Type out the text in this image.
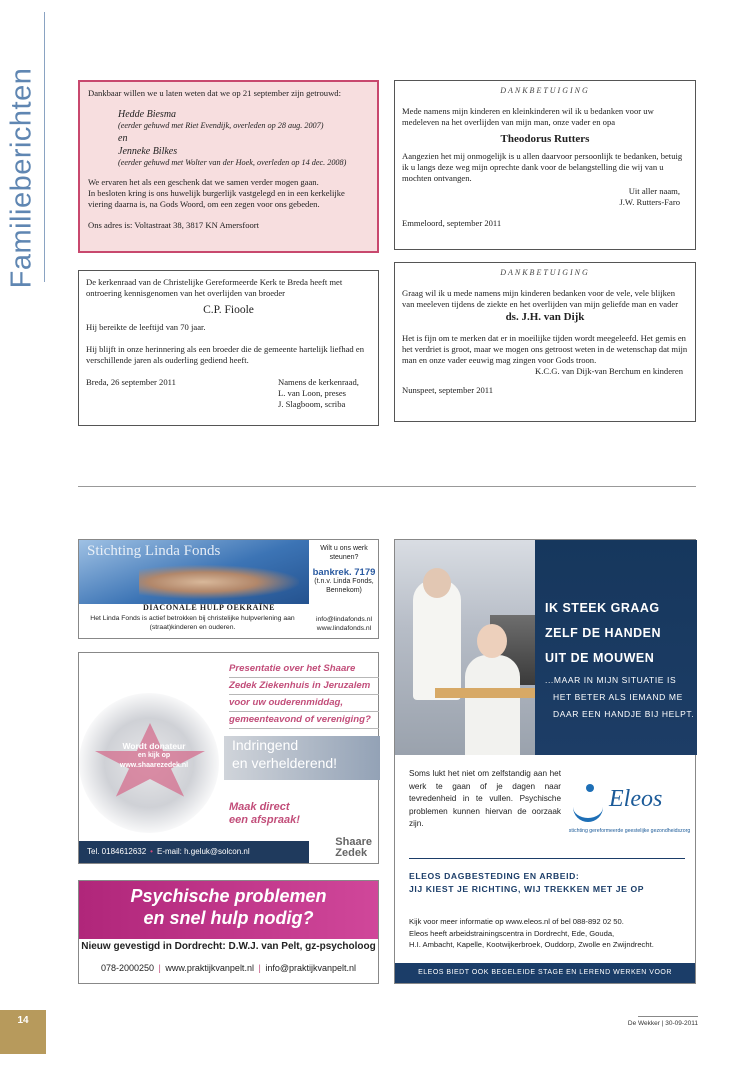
Familieberichten	Dankbaar willen we u laten weten dat we op 21 september zijn getrouwd:

Hedde Biesma
(eerder gehuwd met Riet Evendijk, overleden op 28 aug. 2007)

en

Jenneke Bilkes
(eerder gehuwd met Wolter van der Hoek, overleden op 14 dec. 2008)

We ervaren het als een geschenk dat we samen verder mogen gaan.
In besloten kring is ons huwelijk burgerlijk vastgelegd en in een kerkelijke viering daarna is, na Gods Woord, om een zegen voor ons gebeden.

Ons adres is: Voltastraat 38, 3817 KN Amersfoort

DANKBETUIGING

Mede namens mijn kinderen en kleinkinderen wil ik u bedanken voor uw medeleven na het overlijden van mijn man, onze vader en opa

Theodorus Rutters

Aangezien het mij onmogelijk is u allen daarvoor persoonlijk te bedanken, betuig ik u langs deze weg mijn oprechte dank voor de belangstelling die wij van u mochten ontvangen.

Uit aller naam,

J.W. Rutters-Faro

Emmeloord, september 2011

De kerkenraad van de Christelijke Gereformeerde Kerk te Breda heeft met ontroering kennisgenomen van het overlijden van broeder

C.P. Fioole

Hij bereikte de leeftijd van 70 jaar.

Hij blijft in onze herinnering als een broeder die de gemeente hartelijk liefhad en verschillende jaren als ouderling gediend heeft.

Breda, 26 september 2011	Namens de kerkenraad,
L. van Loon, preses
J. Slagboom, scriba

DANKBETUIGING

Graag wil ik u mede namens mijn kinderen bedanken voor de vele, vele blijken van meeleven tijdens de ziekte en het overlijden van mijn geliefde man en vader

ds. J.H. van Dijk

Het is fijn om te merken dat er in moeilijke tijden wordt meegeleefd. Het gemis en het verdriet is groot, maar we mogen ons getroost weten in de wetenschap dat mijn man en onze vader eeuwig mag zingen voor Gods troon.

K.C.G. van Dijk-van Berchum en kinderen

Nunspeet, september 2011

Stichting Linda Fonds
DIACONALE HULP OEKRAÏNE
Wilt u ons werk
steunen?
bankrek. 7179
(t.n.v. Linda Fonds,
Bennekom)
Het Linda Fonds is actief betrokken bij christelijke hulpverlening aan (straat)kinderen en ouderen.
info@lindafonds.nl
www.lindafonds.nl
Wordt donateur
en kijk op
www.shaarezedek.nl
Presentatie over het Shaare
Zedek Ziekenhuis in Jeruzalem
voor uw ouderenmiddag,
gemeenteavond of vereniging?
Indringend
en verhelderend!
Maak direct
een afspraak!
Tel. 0184612632 • E-mail: h.geluk@solcon.nl
Shaare
Zedek
Psychische problemen
en snel hulp nodig?
Nieuw gevestigd in Dordrecht: D.W.J. van Pelt, gz-psycholoog
078-2000250 | www.praktijkvanpelt.nl | info@praktijkvanpelt.nl
IK STEEK GRAAG
ZELF DE HANDEN
UIT DE MOUWEN
...MAAR IN MIJN SITUATIE IS
HET BETER ALS IEMAND ME
DAAR EEN HANDJE BIJ HELPT.
Soms lukt het niet om zelfstandig aan het werk te gaan of je dagen naar tevredenheid in te vullen. Psychische problemen kunnen hiervan de oorzaak zijn.
Eleos
stichting gereformeerde geestelijke gezondheidszorg
ELEOS DAGBESTEDING EN ARBEID:
JIJ KIEST JE RICHTING, WIJ TREKKEN MET JE OP
Kijk voor meer informatie op www.eleos.nl of bel 088-892 02 50.
Eleos heeft arbeidstrainingscentra in Dordrecht, Ede, Gouda,
H.I. Ambacht, Kapelle, Kootwijkerbroek, Ouddorp, Zwolle en Zwijndrecht.
ELEOS BIEDT OOK BEGELEIDE STAGE EN LEREND WERKEN VOOR JONGEREN.
14	De Wekker | 30-09-2011
